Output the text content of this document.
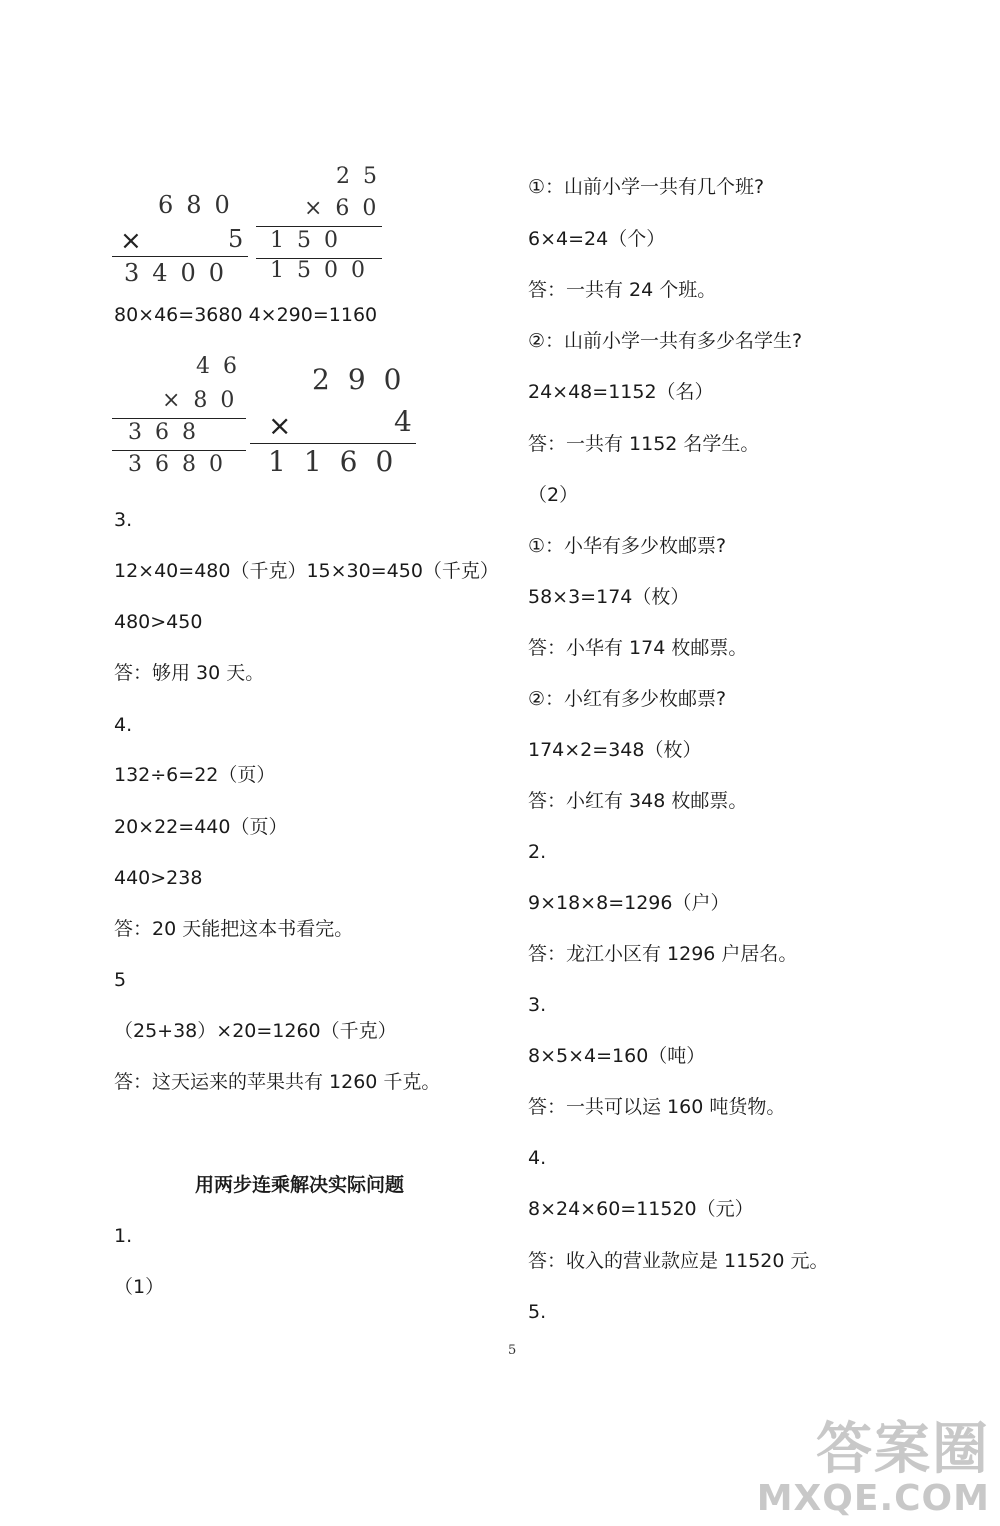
680
×	5
3400
25
×60
150
1500
80×46=3680 4×290=1160
46
×80
368
3680
290
×	4
1160
3.
12×40=480（千克）15×30=450（千克）
480>450
答：够用 30 天。
4.
132÷6=22（页）
20×22=440（页）
440>238
答：20 天能把这本书看完。
5
（25+38）×20=1260（千克）
答：这天运来的苹果共有 1260 千克。
用两步连乘解决实际问题
1.
（1）
①：山前小学一共有几个班?
6×4=24（个）
答：一共有 24 个班。
②：山前小学一共有多少名学生?
24×48=1152（名）
答：一共有 1152 名学生。
（2）
①：小华有多少枚邮票?
58×3=174（枚）
答：小华有 174 枚邮票。
②：小红有多少枚邮票?
174×2=348（枚）
答：小红有 348 枚邮票。
2.
9×18×8=1296（户）
答：龙江小区有 1296 户居名。
3.
8×5×4=160（吨）
答：一共可以运 160 吨货物。
4.
8×24×60=11520（元）
答：收入的营业款应是 11520 元。
5.
5
答案圈
MXQE.COM
